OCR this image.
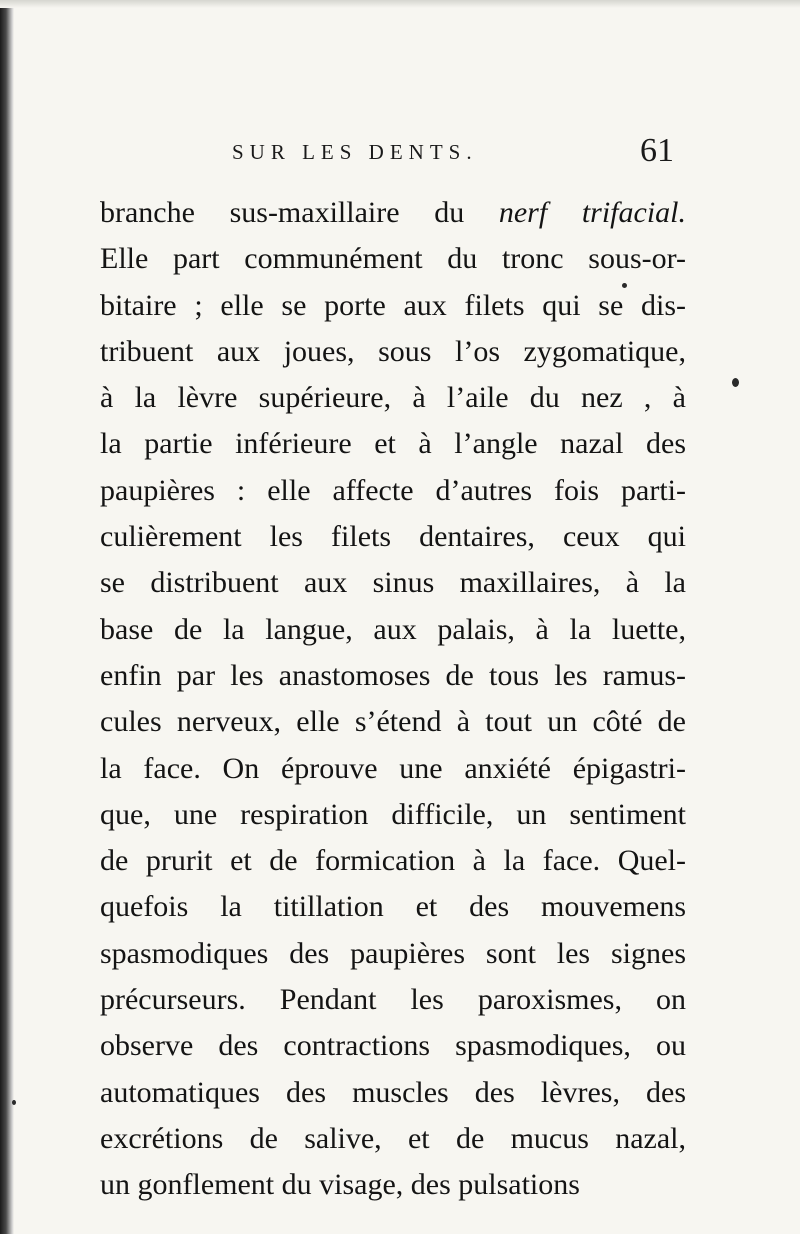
SUR LES DENTS.	61
branche sus-maxillaire du nerf trifacial.
Elle part communément du tronc sous-or-
bitaire ; elle se porte aux filets qui se dis-
tribuent aux joues, sous l’os zygomatique,
à la lèvre supérieure, à l’aile du nez , à
la partie inférieure et à l’angle nazal des
paupières : elle affecte d’autres fois parti-
culièrement les filets dentaires, ceux qui
se distribuent aux sinus maxillaires, à la
base de la langue, aux palais, à la luette,
enfin par les anastomoses de tous les ramus-
cules nerveux, elle s’étend à tout un côté de
la face. On éprouve une anxiété épigastri-
que, une respiration difficile, un sentiment
de prurit et de formication à la face. Quel-
quefois la titillation et des mouvemens
spasmodiques des paupières sont les signes
précurseurs. Pendant les paroxismes, on
observe des contractions spasmodiques, ou
automatiques des muscles des lèvres, des
excrétions de salive, et de mucus nazal,
un gonflement du visage, des pulsations
